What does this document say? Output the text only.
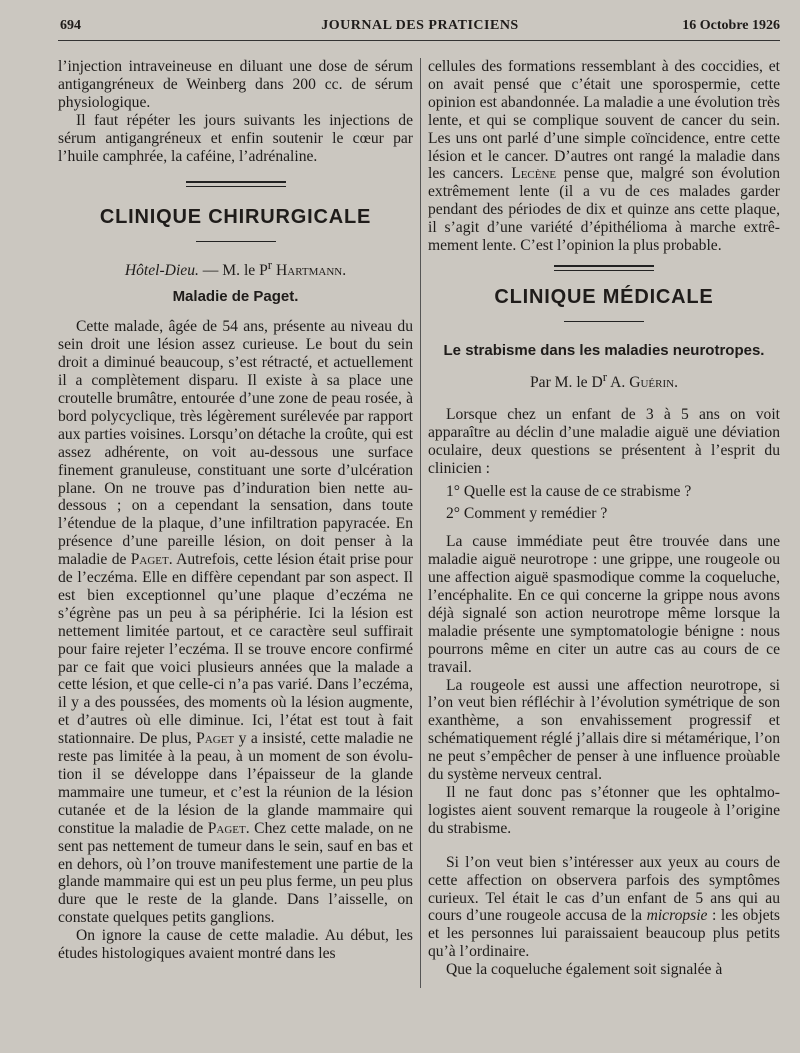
694	JOURNAL DES PRATICIENS	16 Octobre 1926

l’injection intraveineuse en diluant une dose de sérum antigangréneux de Weinberg dans 200 cc. de sérum physiologique.

Il faut répéter les jours suivants les injections de sérum antigangréneux et enfin soutenir le cœur par l’huile camphrée, la caféine, l’adrénaline.

CLINIQUE CHIRURGICALE

Hôtel-Dieu. — M. le $P^r$ Hartmann.

Maladie de Paget.

Cette malade, âgée de 54 ans, présente au niveau du sein droit une lésion assez curieuse. Le bout du sein droit a diminué beaucoup, s’est rétracté, et actuellement il a complètement disparu. Il existe à sa place une croutelle brumâtre, entourée d’une zone de peau rosée, à bord polycyclique, très légèrement surélevée par rapport aux parties voisines. Lorsqu’on détache la croûte, qui est assez adhérente, on voit au-dessous une surface finement granuleuse, constituant une sorte d’ulcération plane. On ne trouve pas d’induration bien nette au-dessous ; on a cependant la sensation, dans toute l’étendue de la plaque, d’une infiltration papyracée. En présence d’une pareille lésion, on doit penser à la maladie de Paget. Autrefois, cette lésion était prise pour de l’eczéma. Elle en diffère cependant par son aspect. Il est bien exceptionnel qu’une plaque d’eczéma ne s’égrène pas un peu à sa périphérie. Ici la lésion est nettement limitée partout, et ce caractère seul suffirait pour faire rejeter l’eczéma. Il se trouve encore confirmé par ce fait que voici plusieurs années que la malade a cette lésion, et que celle-ci n’a pas varié. Dans l’eczéma, il y a des poussées, des moments où la lésion augmente, et d’autres où elle diminue. Ici, l’état est tout à fait stationnaire. De plus, Paget y a insisté, cette maladie ne reste pas limitée à la peau, à un moment de son évolution il se développe dans l’épaisseur de la glande mammaire une tumeur, et c’est la réunion de la lésion cutanée et de la lésion de la glande mammaire qui constitue la maladie de Paget. Chez cette malade, on ne sent pas nettement de tumeur dans le sein, sauf en bas et en dehors, où l’on trouve manifestement une partie de la glande mammaire qui est un peu plus ferme, un peu plus dure que le reste de la glande. Dans l’aisselle, on constate quelques petits ganglions.

On ignore la cause de cette maladie. Au début, les études histologiques avaient montré dans les

cellules des formations ressemblant à des coccidies, et on avait pensé que c’était une sporospermie, cette opinion est abandonnée. La maladie a une évolution très lente, et qui se complique souvent de cancer du sein. Les uns ont parlé d’une simple coïncidence, entre cette lésion et le cancer. D’autres ont rangé la maladie dans les cancers. Lecène pense que, malgré son évolution extrêmement lente (il a vu de ces malades garder pendant des périodes de dix et quinze ans cette plaque, il s’agit d’une variété d’épithélioma à marche extrêmement lente. C’est l’opinion la plus probable.

CLINIQUE MÉDICALE

Le strabisme dans les maladies neurotropes.

Par M. le $D^r$ A. Guérin.

Lorsque chez un enfant de 3 à 5 ans on voit apparaître au déclin d’une maladie aiguë une déviation oculaire, deux questions se présentent à l’esprit du clinicien :

1° Quelle est la cause de ce strabisme ?

2° Comment y remédier ?

La cause immédiate peut être trouvée dans une maladie aiguë neurotrope : une grippe, une rougeole ou une affection aiguë spasmodique comme la coqueluche, l’encéphalite. En ce qui concerne la grippe nous avons déjà signalé son action neurotrope même lorsque la maladie présente une symptomatologie bénigne : nous pourrons même en citer un autre cas au cours de ce travail.

La rougeole est aussi une affection neurotrope, si l’on veut bien réfléchir à l’évolution symétrique de son exanthème, a son envahissement progressif et schématiquement réglé j’allais dire si métamérique, l’on ne peut s’empêcher de penser à une influence proùable du système nerveux central.

Il ne faut donc pas s’étonner que les ophtalmologistes aient souvent remarque la rougeole à l’origine du strabisme.

Si l’on veut bien s’intéresser aux yeux au cours de cette affection on observera parfois des symptômes curieux. Tel était le cas d’un enfant de 5 ans qui au cours d’une rougeole accusa de la micropsie : les objets et les personnes lui paraissaient beaucoup plus petits qu’à l’ordinaire.

Que la coqueluche également soit signalée à
